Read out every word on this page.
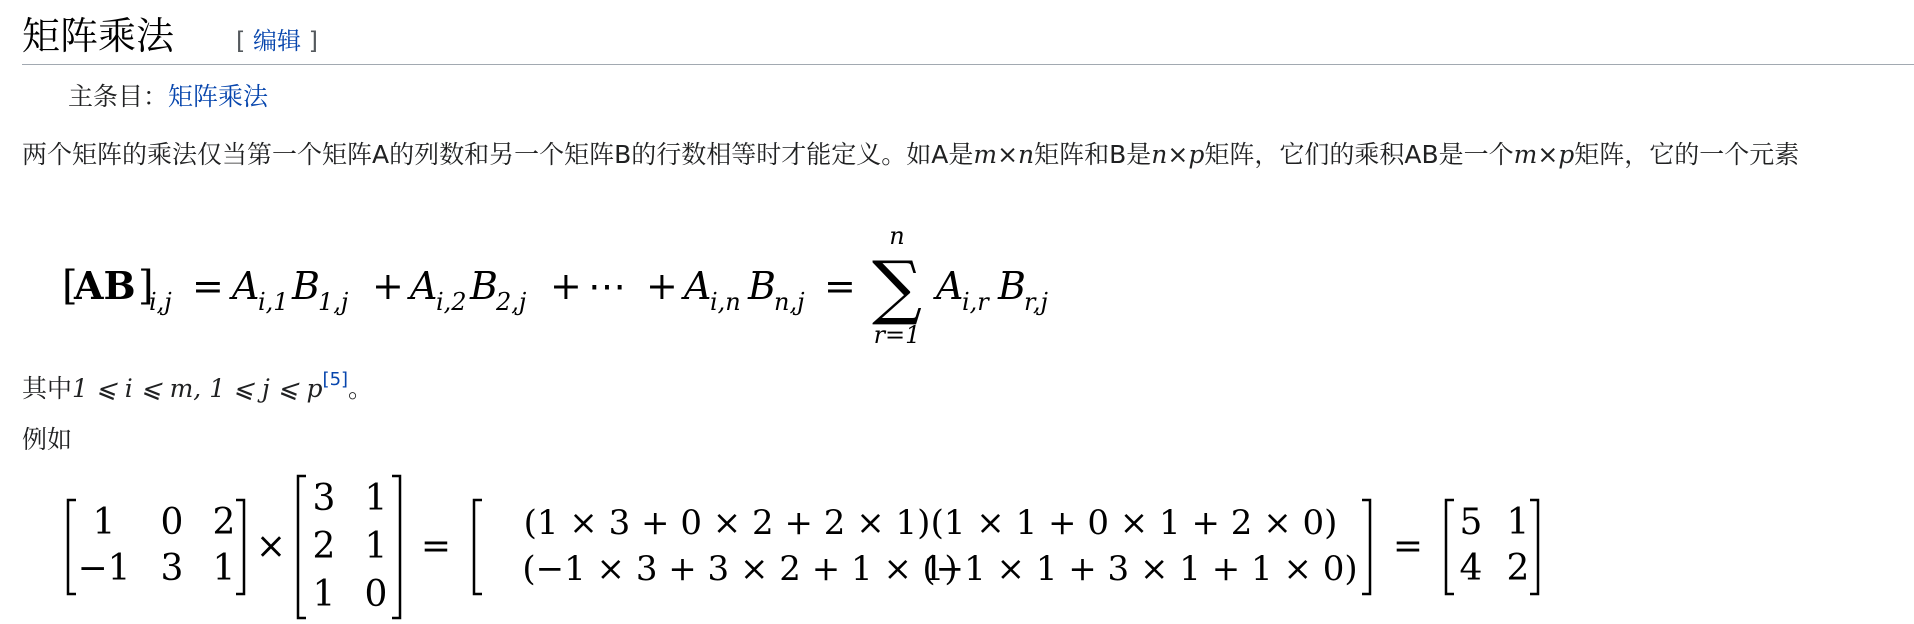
矩阵乘法	[ 编辑 ]
主条目：矩阵乘法
两个矩阵的乘法仅当第一个矩阵A的列数和另一个矩阵B的行数相等时才能定义。如A是m×n矩阵和B是n×p矩阵，它们的乘积AB是一个m×p矩阵，它的一个元素
[
AB ]
i,j = A
i,1 B
1,j + A
i,2 B
2,j + ⋯ + A
i,n B
n,j =
n
∑
r=1
A
i,r B
r,j
其中1 ⩽ i ⩽ m, 1 ⩽ j ⩽ p[5]。
例如
1 0 2
−1 3 1
×
3 1
2 1
1 0
=
(1 × 3 + 0 × 2 + 2 × 1) (1 × 1 + 0 × 1 + 2 × 0)
(−1 × 3 + 3 × 2 + 1 × 1)
(−1 × 1 + 3 × 1 + 1 × 0)
=
5 1
4 2
